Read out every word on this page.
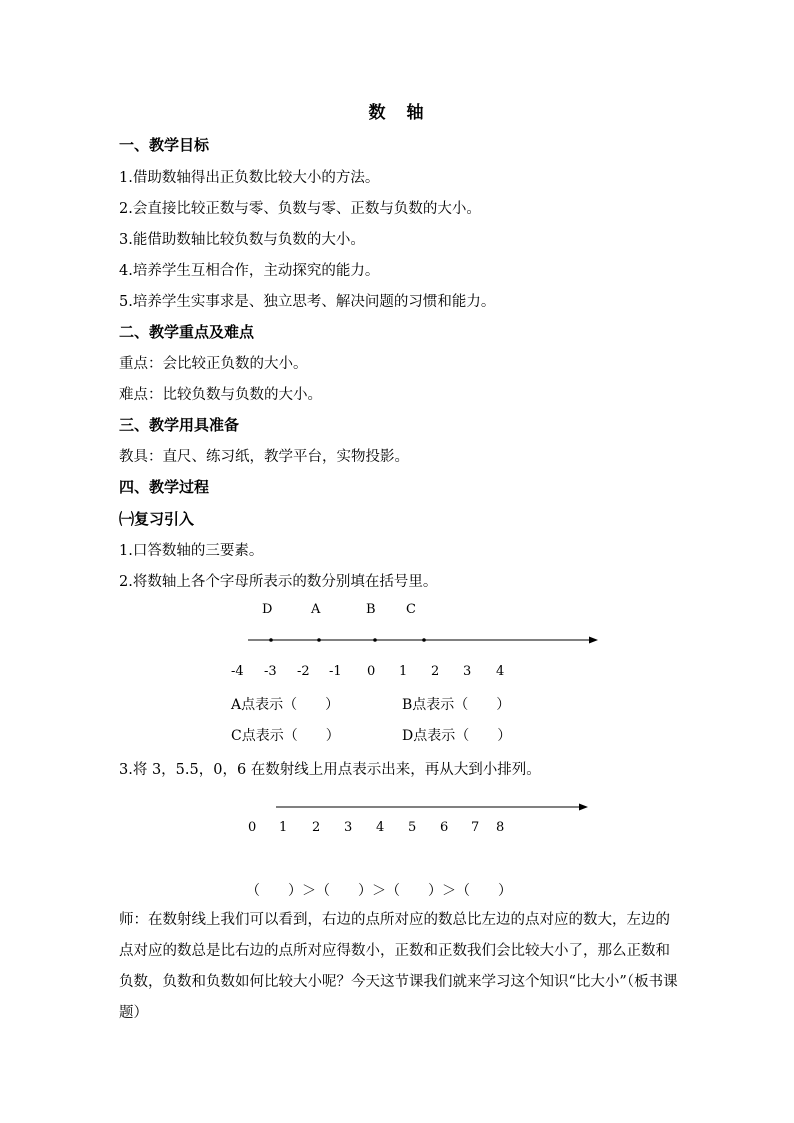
数　轴
一、教学目标
1.借助数轴得出正负数比较大小的方法。
2.会直接比较正数与零、负数与零、正数与负数的大小。
3.能借助数轴比较负数与负数的大小。
4.培养学生互相合作，主动探究的能力。
5.培养学生实事求是、独立思考、解决问题的习惯和能力。
二、教学重点及难点
重点：会比较正负数的大小。
难点：比较负数与负数的大小。
三、教学用具准备
教具：直尺、练习纸，教学平台，实物投影。
四、教学过程
㈠复习引入
1.口答数轴的三要素。
2.将数轴上各个字母所表示的数分别填在括号里。
D	A	B C
-4 -3 -2 -1 0 1 2 3 4
A点表示（　　）	B点表示（　　）
C点表示（　　）	D点表示（　　）
3.将 3，5.5，0，6 在数射线上用点表示出来，再从大到小排列。
0 1 2 3 4 5 6 7 8
（　　）＞（　　）＞（　　）＞（　　）
师：在数射线上我们可以看到，右边的点所对应的数总比左边的点对应的数大，左边的点对应的数总是比右边的点所对应得数小，正数和正数我们会比较大小了，那么正数和负数，负数和负数如何比较大小呢？今天这节课我们就来学习这个知识“比大小”（板书课题）
